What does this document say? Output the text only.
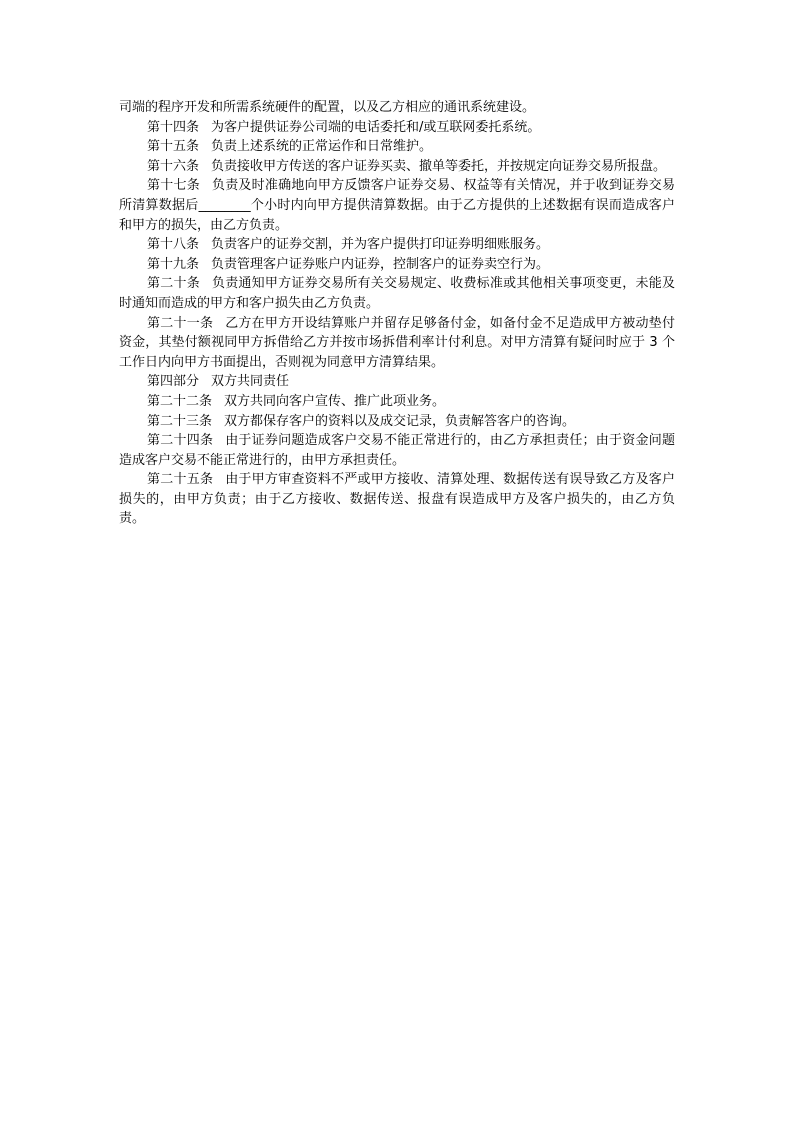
司端的程序开发和所需系统硬件的配置，以及乙方相应的通讯系统建设。

第十四条 为客户提供证券公司端的电话委托和/或互联网委托系统。

第十五条 负责上述系统的正常运作和日常维护。

第十六条 负责接收甲方传送的客户证券买卖、撤单等委托，并按规定向证券交易所报盘。

第十七条 负责及时准确地向甲方反馈客户证券交易、权益等有关情况，并于收到证券交易所清算数据后________个小时内向甲方提供清算数据。由于乙方提供的上述数据有误而造成客户和甲方的损失，由乙方负责。

第十八条 负责客户的证券交割，并为客户提供打印证券明细账服务。

第十九条 负责管理客户证券账户内证券，控制客户的证券卖空行为。

第二十条 负责通知甲方证券交易所有关交易规定、收费标准或其他相关事项变更，未能及时通知而造成的甲方和客户损失由乙方负责。

第二十一条 乙方在甲方开设结算账户并留存足够备付金，如备付金不足造成甲方被动垫付资金，其垫付额视同甲方拆借给乙方并按市场拆借利率计付利息。对甲方清算有疑问时应于 3 个工作日内向甲方书面提出，否则视为同意甲方清算结果。

第四部分 双方共同责任

第二十二条 双方共同向客户宣传、推广此项业务。

第二十三条 双方都保存客户的资料以及成交记录，负责解答客户的咨询。

第二十四条 由于证券问题造成客户交易不能正常进行的，由乙方承担责任；由于资金问题造成客户交易不能正常进行的，由甲方承担责任。

第二十五条 由于甲方审查资料不严或甲方接收、清算处理、数据传送有误导致乙方及客户损失的，由甲方负责；由于乙方接收、数据传送、报盘有误造成甲方及客户损失的，由乙方负责。
